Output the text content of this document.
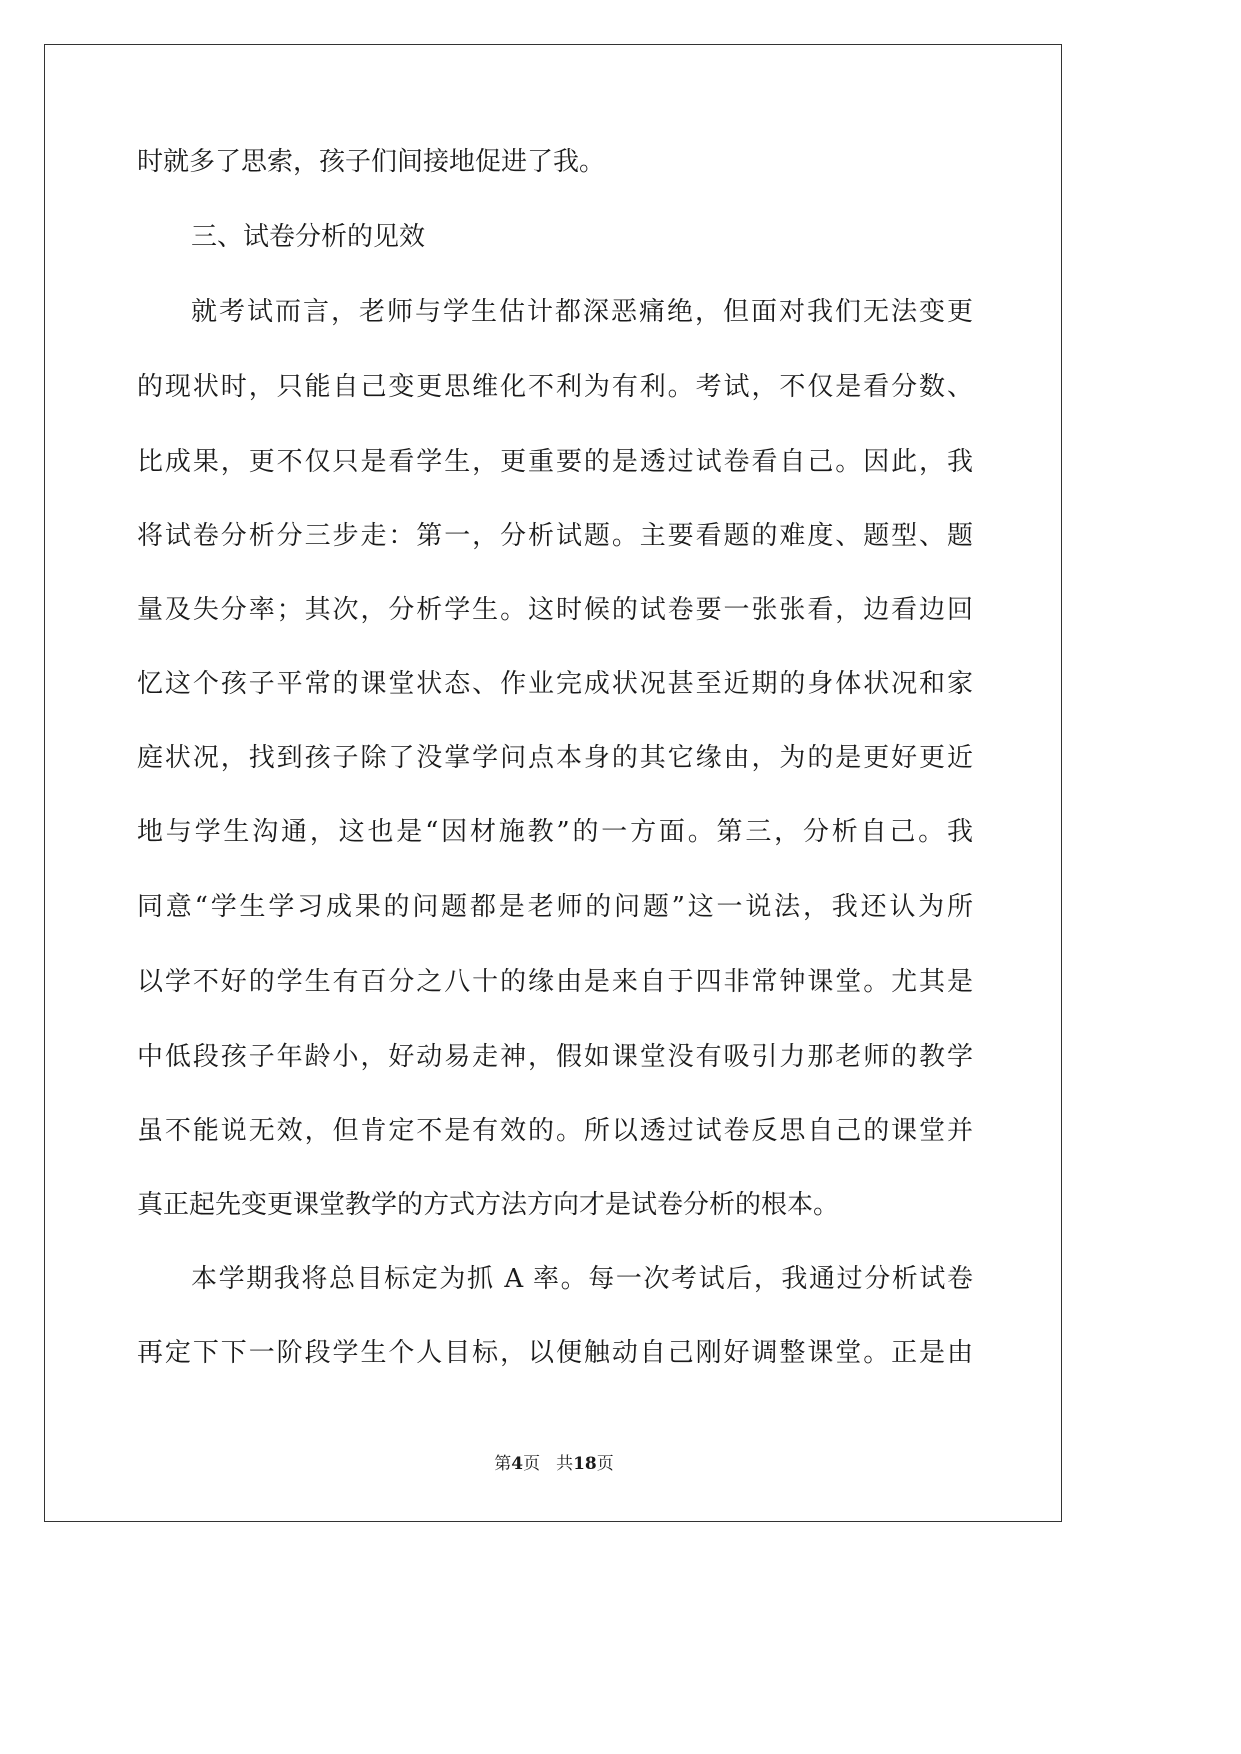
时就多了思索，孩子们间接地促进了我。
三、试卷分析的见效
就考试而言，老师与学生估计都深恶痛绝，但面对我们无法变更
的现状时，只能自己变更思维化不利为有利。考试，不仅是看分数、
比成果，更不仅只是看学生，更重要的是透过试卷看自己。因此，我
将试卷分析分三步走：第一，分析试题。主要看题的难度、题型、题
量及失分率；其次，分析学生。这时候的试卷要一张张看，边看边回
忆这个孩子平常的课堂状态、作业完成状况甚至近期的身体状况和家
庭状况，找到孩子除了没掌学问点本身的其它缘由，为的是更好更近
地与学生沟通，这也是“因材施教”的一方面。第三，分析自己。我
同意“学生学习成果的问题都是老师的问题”这一说法，我还认为所
以学不好的学生有百分之八十的缘由是来自于四非常钟课堂。尤其是
中低段孩子年龄小，好动易走神，假如课堂没有吸引力那老师的教学
虽不能说无效，但肯定不是有效的。所以透过试卷反思自己的课堂并
真正起先变更课堂教学的方式方法方向才是试卷分析的根本。
本学期我将总目标定为抓 A 率。每一次考试后，我通过分析试卷
再定下下一阶段学生个人目标，以便触动自己刚好调整课堂。正是由
第4页 共18页
